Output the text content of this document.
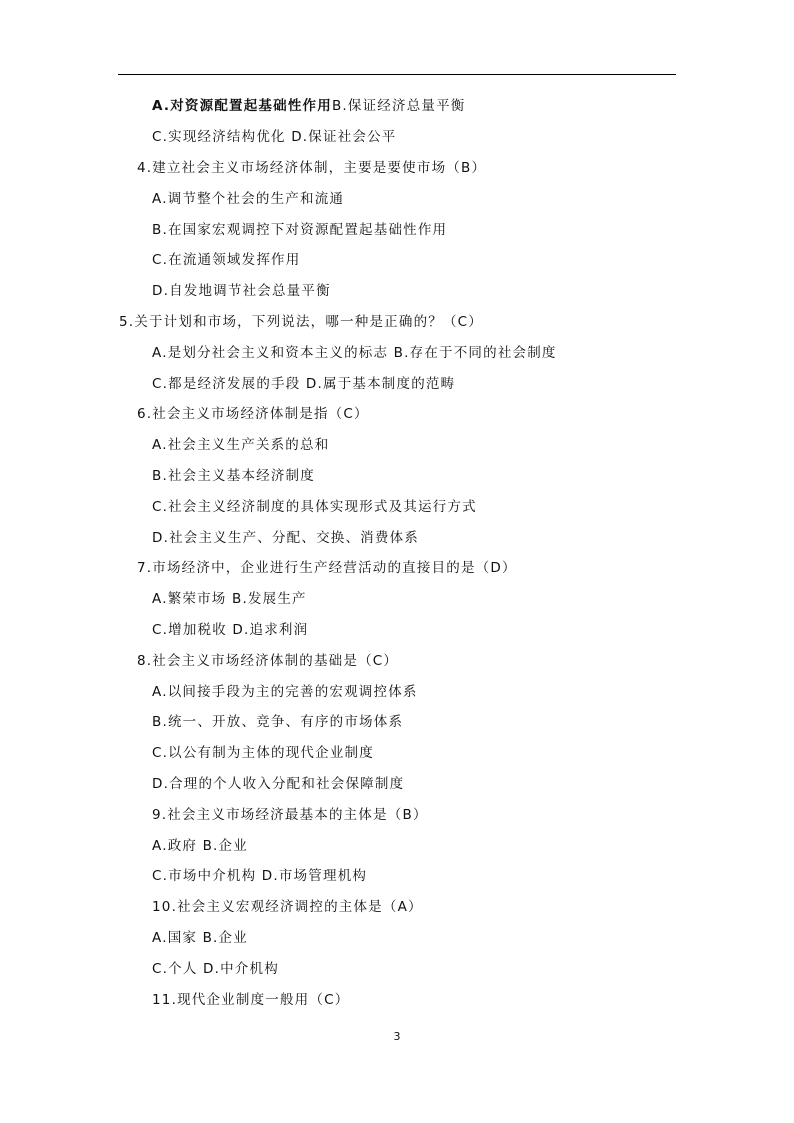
A.对资源配置起基础性作用B.保证经济总量平衡
C.实现经济结构优化 D.保证社会公平
4.建立社会主义市场经济体制，主要是要使市场（B）
A.调节整个社会的生产和流通
B.在国家宏观调控下对资源配置起基础性作用
C.在流通领域发挥作用
D.自发地调节社会总量平衡
5.关于计划和市场，下列说法，哪一种是正确的？（C）
A.是划分社会主义和资本主义的标志 B.存在于不同的社会制度
C.都是经济发展的手段 D.属于基本制度的范畴
6.社会主义市场经济体制是指（C）
A.社会主义生产关系的总和
B.社会主义基本经济制度
C.社会主义经济制度的具体实现形式及其运行方式
D.社会主义生产、分配、交换、消费体系
7.市场经济中，企业进行生产经营活动的直接目的是（D）
A.繁荣市场 B.发展生产
C.增加税收 D.追求利润
8.社会主义市场经济体制的基础是（C）
A.以间接手段为主的完善的宏观调控体系
B.统一、开放、竞争、有序的市场体系
C.以公有制为主体的现代企业制度
D.合理的个人收入分配和社会保障制度
9.社会主义市场经济最基本的主体是（B）
A.政府 B.企业
C.市场中介机构 D.市场管理机构
10.社会主义宏观经济调控的主体是（A）
A.国家 B.企业
C.个人 D.中介机构
11.现代企业制度一般用（C）
3
